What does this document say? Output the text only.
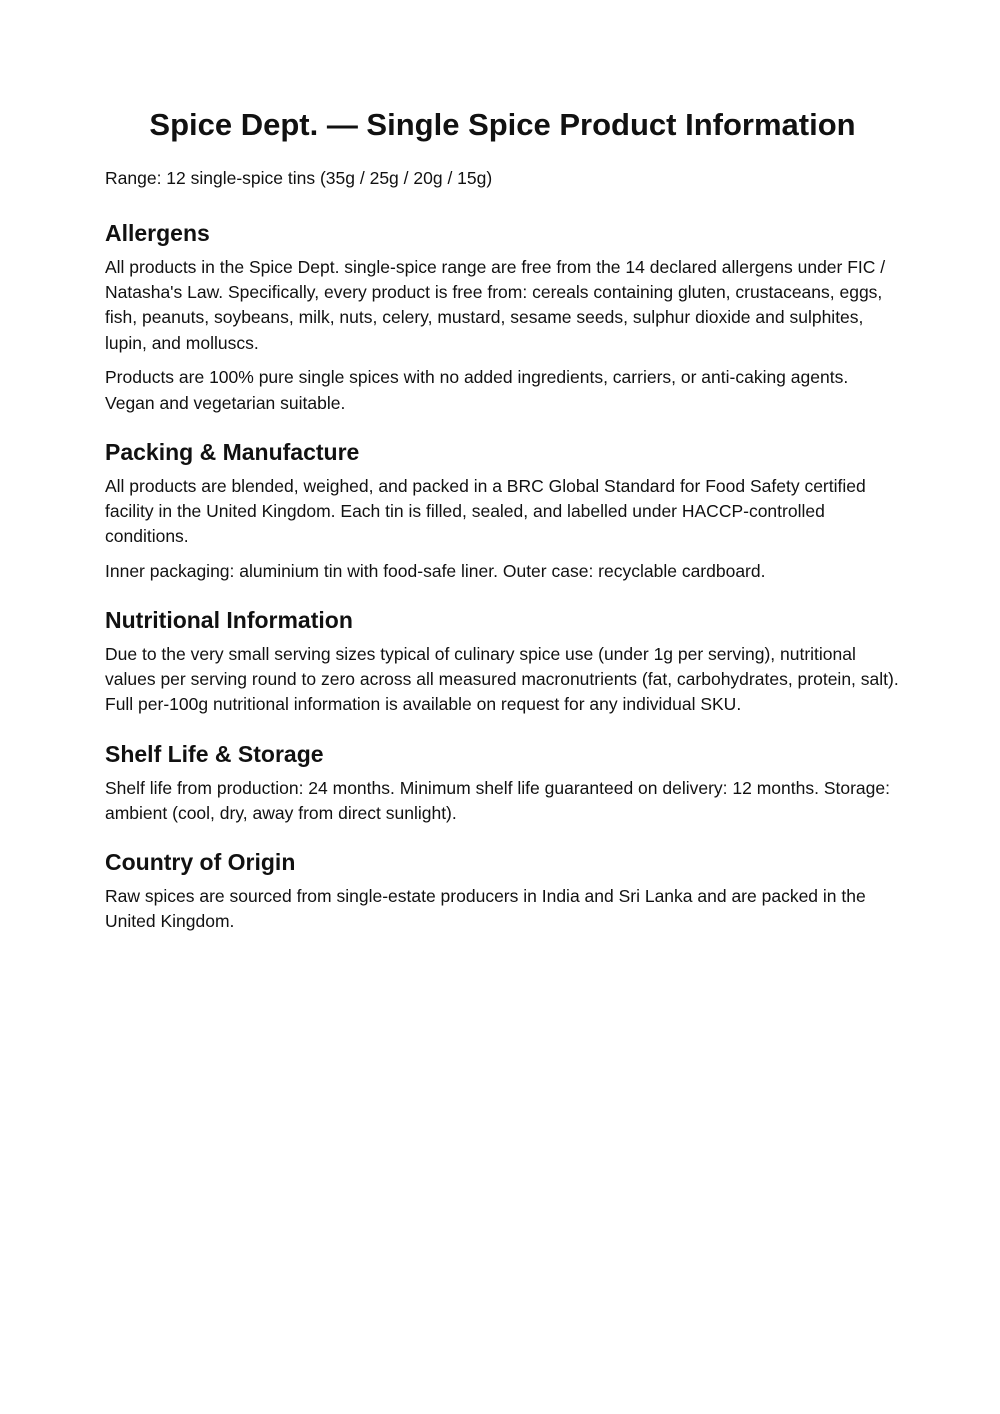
Spice Dept. — Single Spice Product Information
Range: 12 single-spice tins (35g / 25g / 20g / 15g)
Allergens

All products in the Spice Dept. single-spice range are free from the 14 declared allergens under FIC / Natasha's Law. Specifically, every product is free from: cereals containing gluten, crustaceans, eggs, fish, peanuts, soybeans, milk, nuts, celery, mustard, sesame seeds, sulphur dioxide and sulphites, lupin, and molluscs.

Products are 100% pure single spices with no added ingredients, carriers, or anti-caking agents. Vegan and vegetarian suitable.

Packing & Manufacture

All products are blended, weighed, and packed in a BRC Global Standard for Food Safety certified facility in the United Kingdom. Each tin is filled, sealed, and labelled under HACCP-controlled conditions.

Inner packaging: aluminium tin with food-safe liner. Outer case: recyclable cardboard.

Nutritional Information

Due to the very small serving sizes typical of culinary spice use (under 1g per serving), nutritional values per serving round to zero across all measured macronutrients (fat, carbohydrates, protein, salt). Full per-100g nutritional information is available on request for any individual SKU.

Shelf Life & Storage

Shelf life from production: 24 months. Minimum shelf life guaranteed on delivery: 12 months. Storage: ambient (cool, dry, away from direct sunlight).

Country of Origin

Raw spices are sourced from single-estate producers in India and Sri Lanka and are packed in the United Kingdom.
